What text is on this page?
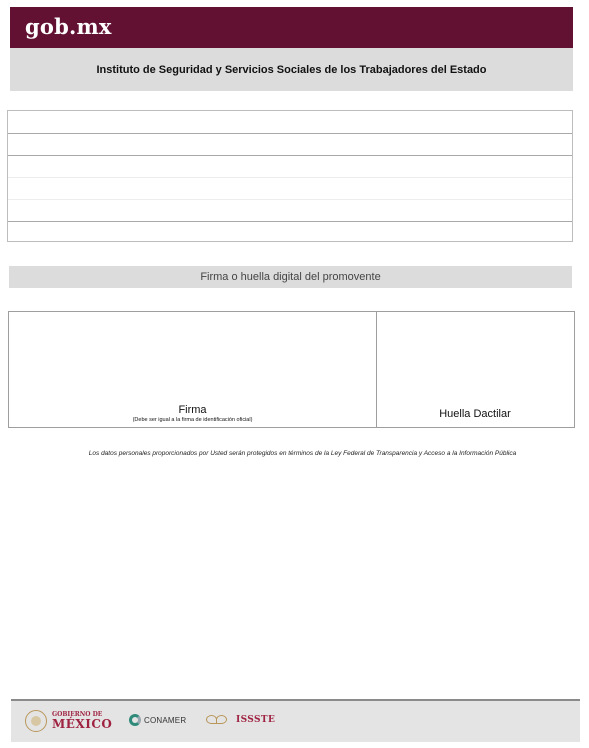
gob.mx
Instituto de Seguridad y Servicios Sociales de los Trabajadores del Estado
Firma o huella digital del promovente
Firma
(Debe ser igual a la firma de identificación oficial)	Huella Dactilar
Los datos personales proporcionados por Usted serán protegidos en términos de la Ley Federal de Transparencia y Acceso a la Información Pública
GOBIERNO DE
MÉXICO	CONAMER	ISSSTE
